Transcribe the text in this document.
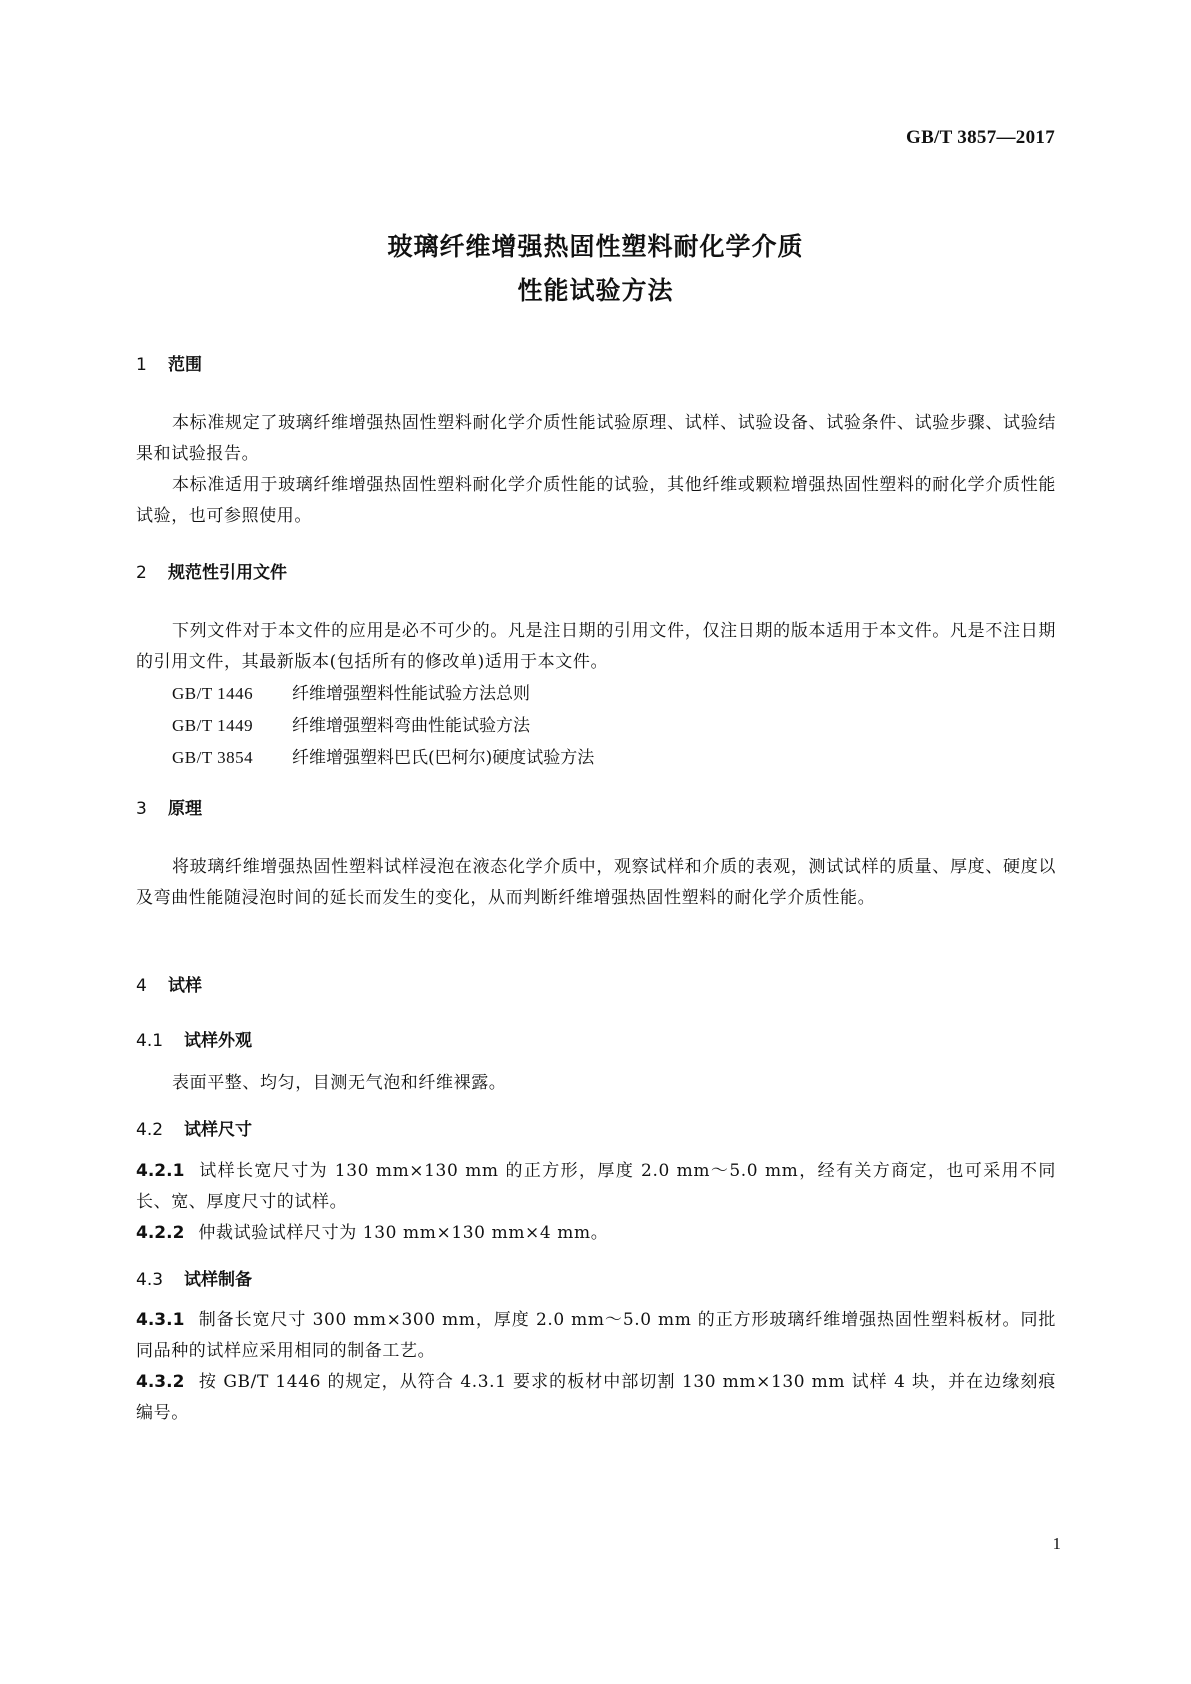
GB/T 3857—2017
玻璃纤维增强热固性塑料耐化学介质
性能试验方法
1 范围
本标准规定了玻璃纤维增强热固性塑料耐化学介质性能试验原理、试样、试验设备、试验条件、试验步骤、试验结果和试验报告。
本标准适用于玻璃纤维增强热固性塑料耐化学介质性能的试验，其他纤维或颗粒增强热固性塑料的耐化学介质性能试验，也可参照使用。
2 规范性引用文件
下列文件对于本文件的应用是必不可少的。凡是注日期的引用文件，仅注日期的版本适用于本文件。凡是不注日期的引用文件，其最新版本(包括所有的修改单)适用于本文件。
GB/T 1446 纤维增强塑料性能试验方法总则
GB/T 1449 纤维增强塑料弯曲性能试验方法
GB/T 3854 纤维增强塑料巴氏(巴柯尔)硬度试验方法
3 原理
将玻璃纤维增强热固性塑料试样浸泡在液态化学介质中，观察试样和介质的表观，测试试样的质量、厚度、硬度以及弯曲性能随浸泡时间的延长而发生的变化，从而判断纤维增强热固性塑料的耐化学介质性能。
4 试样
4.1 试样外观
表面平整、均匀，目测无气泡和纤维裸露。
4.2 试样尺寸
4.2.1 试样长宽尺寸为 130 mm×130 mm 的正方形，厚度 2.0 mm～5.0 mm，经有关方商定，也可采用不同长、宽、厚度尺寸的试样。
4.2.2 仲裁试验试样尺寸为 130 mm×130 mm×4 mm。
4.3 试样制备
4.3.1 制备长宽尺寸 300 mm×300 mm，厚度 2.0 mm～5.0 mm 的正方形玻璃纤维增强热固性塑料板材。同批同品种的试样应采用相同的制备工艺。
4.3.2 按 GB/T 1446 的规定，从符合 4.3.1 要求的板材中部切割 130 mm×130 mm 试样 4 块，并在边缘刻痕编号。
1
